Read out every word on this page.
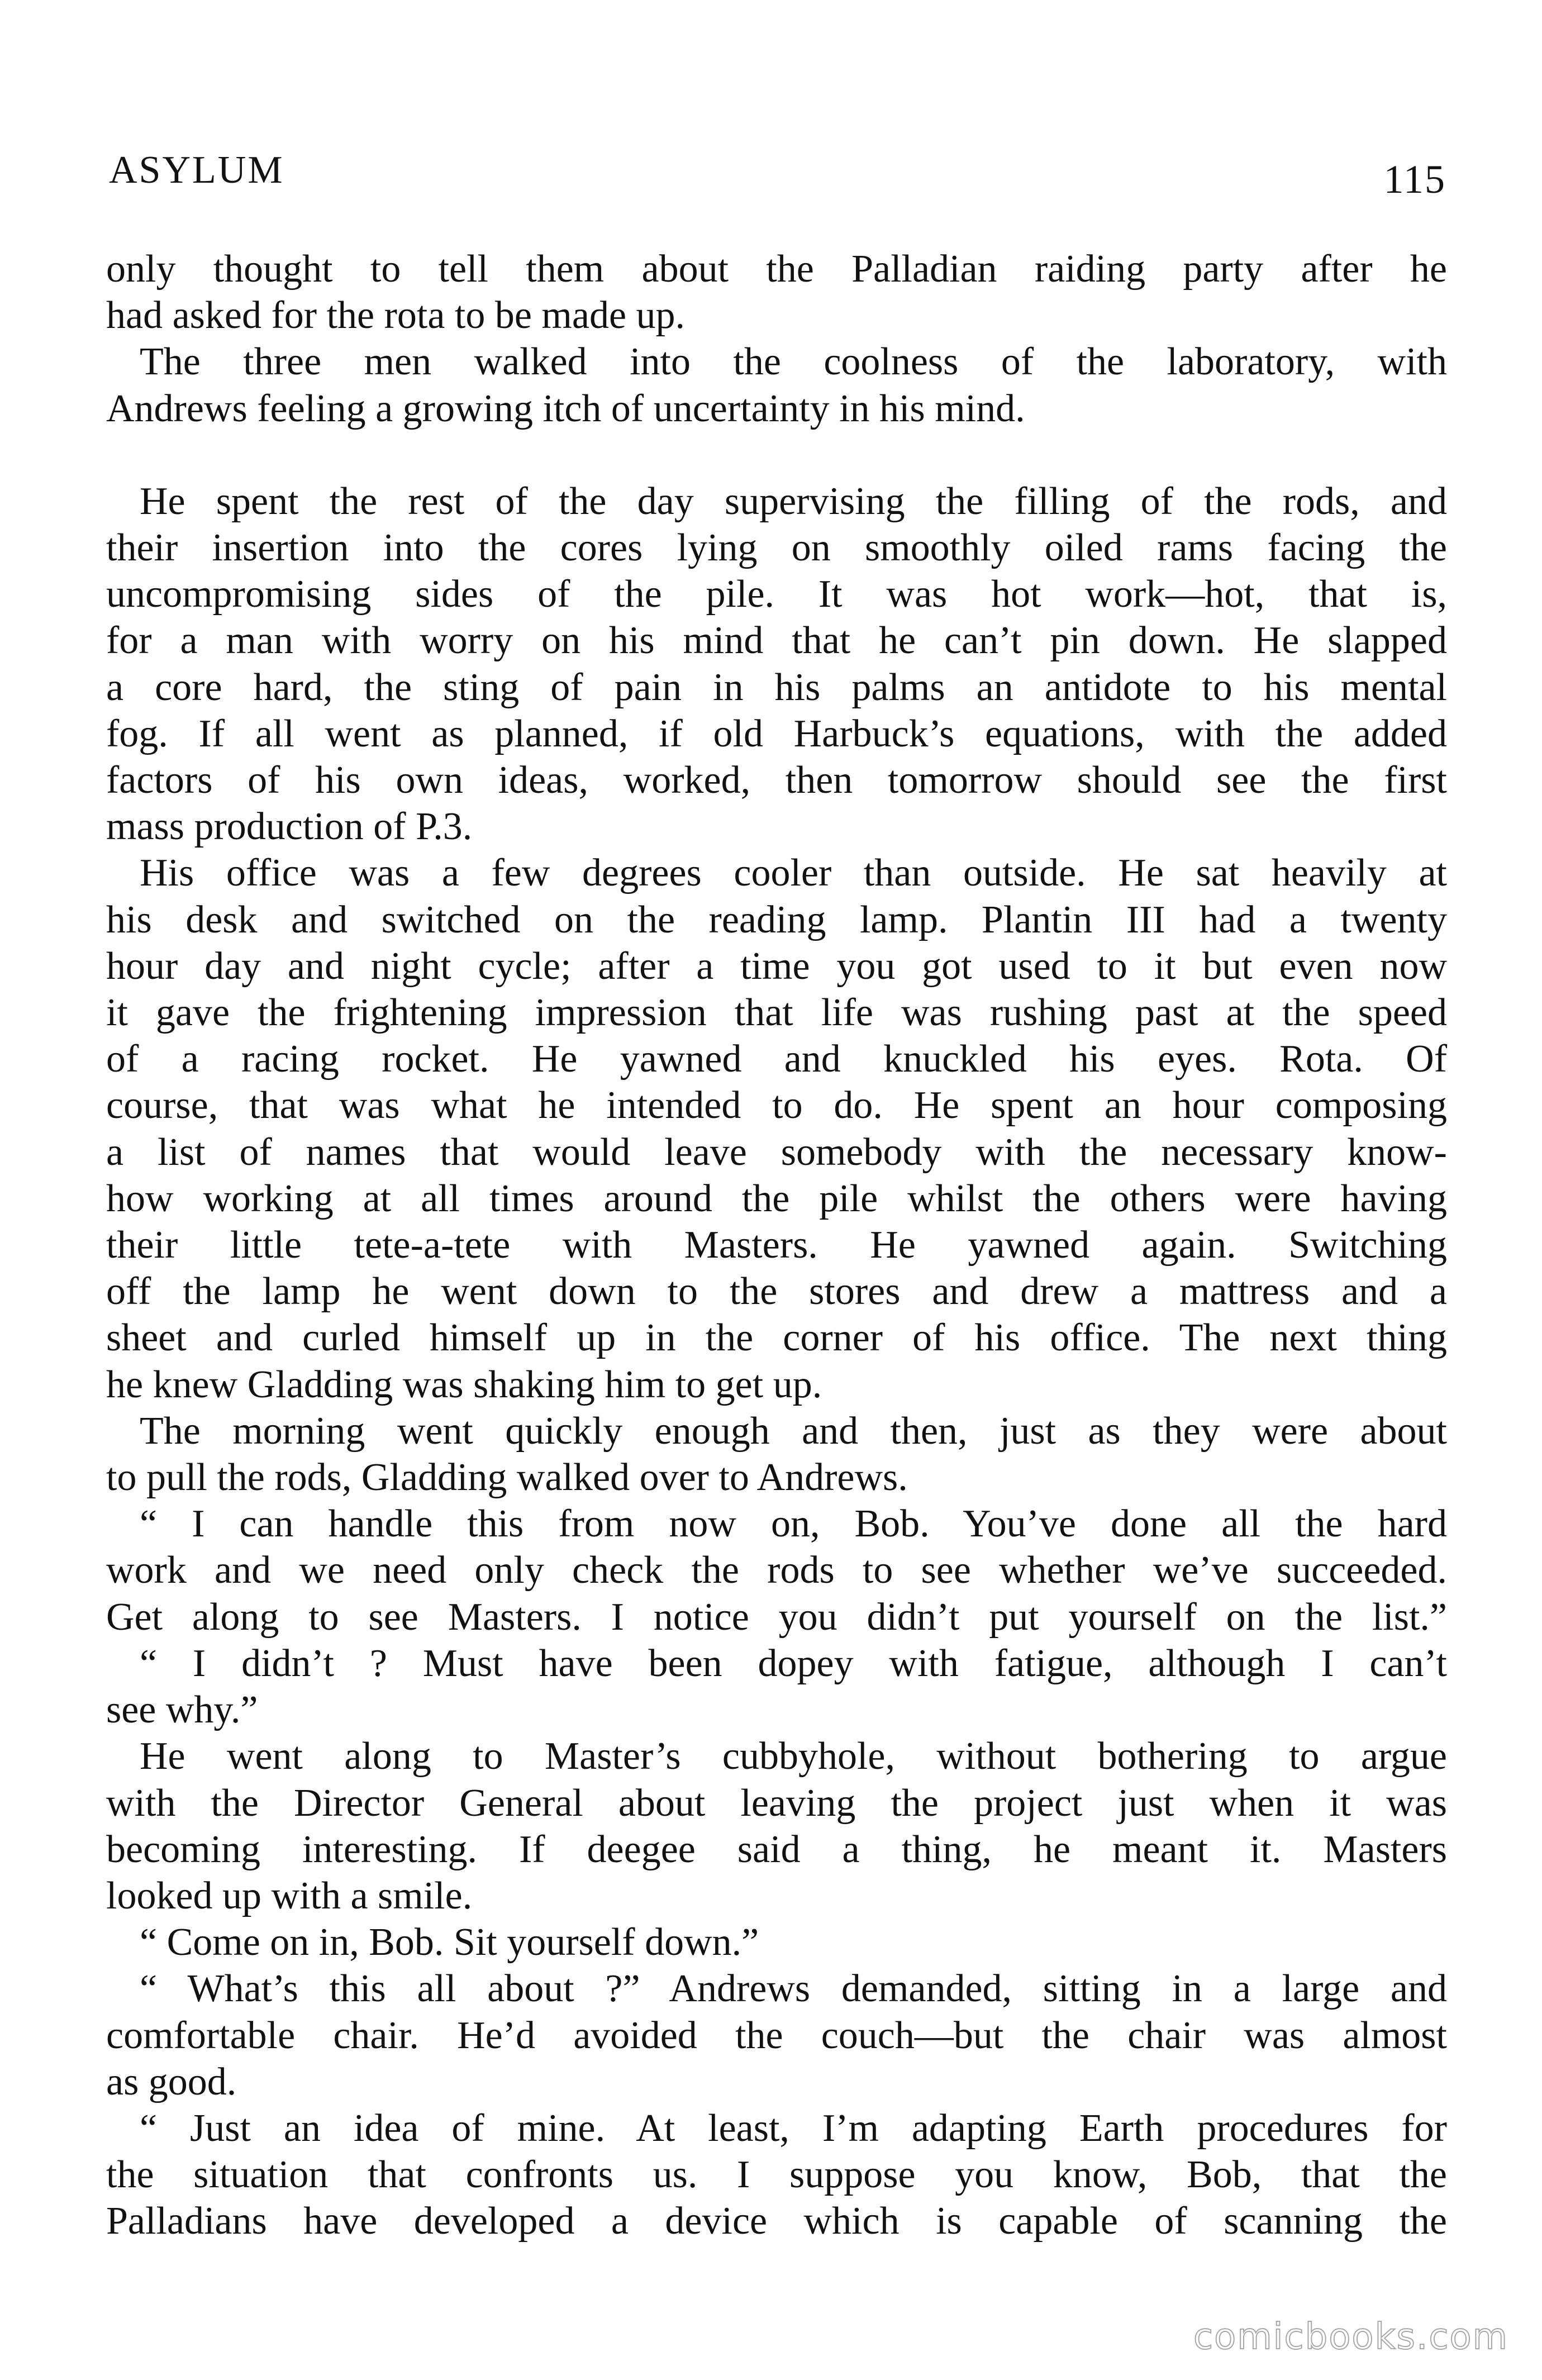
ASYLUM	115

only thought to tell them about the Palladian raiding party after he

had asked for the rota to be made up.

The three men walked into the coolness of the laboratory, with

Andrews feeling a growing itch of uncertainty in his mind.

He spent the rest of the day supervising the filling of the rods, and

their insertion into the cores lying on smoothly oiled rams facing the

uncompromising sides of the pile. It was hot work—hot, that is,

for a man with worry on his mind that he can’t pin down. He slapped

a core hard, the sting of pain in his palms an antidote to his mental

fog. If all went as planned, if old Harbuck’s equations, with the added

factors of his own ideas, worked, then tomorrow should see the first

mass production of P.3.

His office was a few degrees cooler than outside. He sat heavily at

his desk and switched on the reading lamp. Plantin III had a twenty

hour day and night cycle; after a time you got used to it but even now

it gave the frightening impression that life was rushing past at the speed

of a racing rocket. He yawned and knuckled his eyes. Rota. Of

course, that was what he intended to do. He spent an hour composing

a list of names that would leave somebody with the necessary know-

how working at all times around the pile whilst the others were having

their little tete-a-tete with Masters. He yawned again. Switching

off the lamp he went down to the stores and drew a mattress and a

sheet and curled himself up in the corner of his office. The next thing

he knew Gladding was shaking him to get up.

The morning went quickly enough and then, just as they were about

to pull the rods, Gladding walked over to Andrews.

“ I can handle this from now on, Bob. You’ve done all the hard

work and we need only check the rods to see whether we’ve succeeded.

Get along to see Masters. I notice you didn’t put yourself on the list.”

“ I didn’t ? Must have been dopey with fatigue, although I can’t

see why.”

He went along to Master’s cubbyhole, without bothering to argue

with the Director General about leaving the project just when it was

becoming interesting. If deegee said a thing, he meant it. Masters

looked up with a smile.

“ Come on in, Bob. Sit yourself down.”

“ What’s this all about ?” Andrews demanded, sitting in a large and

comfortable chair. He’d avoided the couch—but the chair was almost

as good.

“ Just an idea of mine. At least, I’m adapting Earth procedures for

the situation that confronts us. I suppose you know, Bob, that the

Palladians have developed a device which is capable of scanning the

comicbooks.com
